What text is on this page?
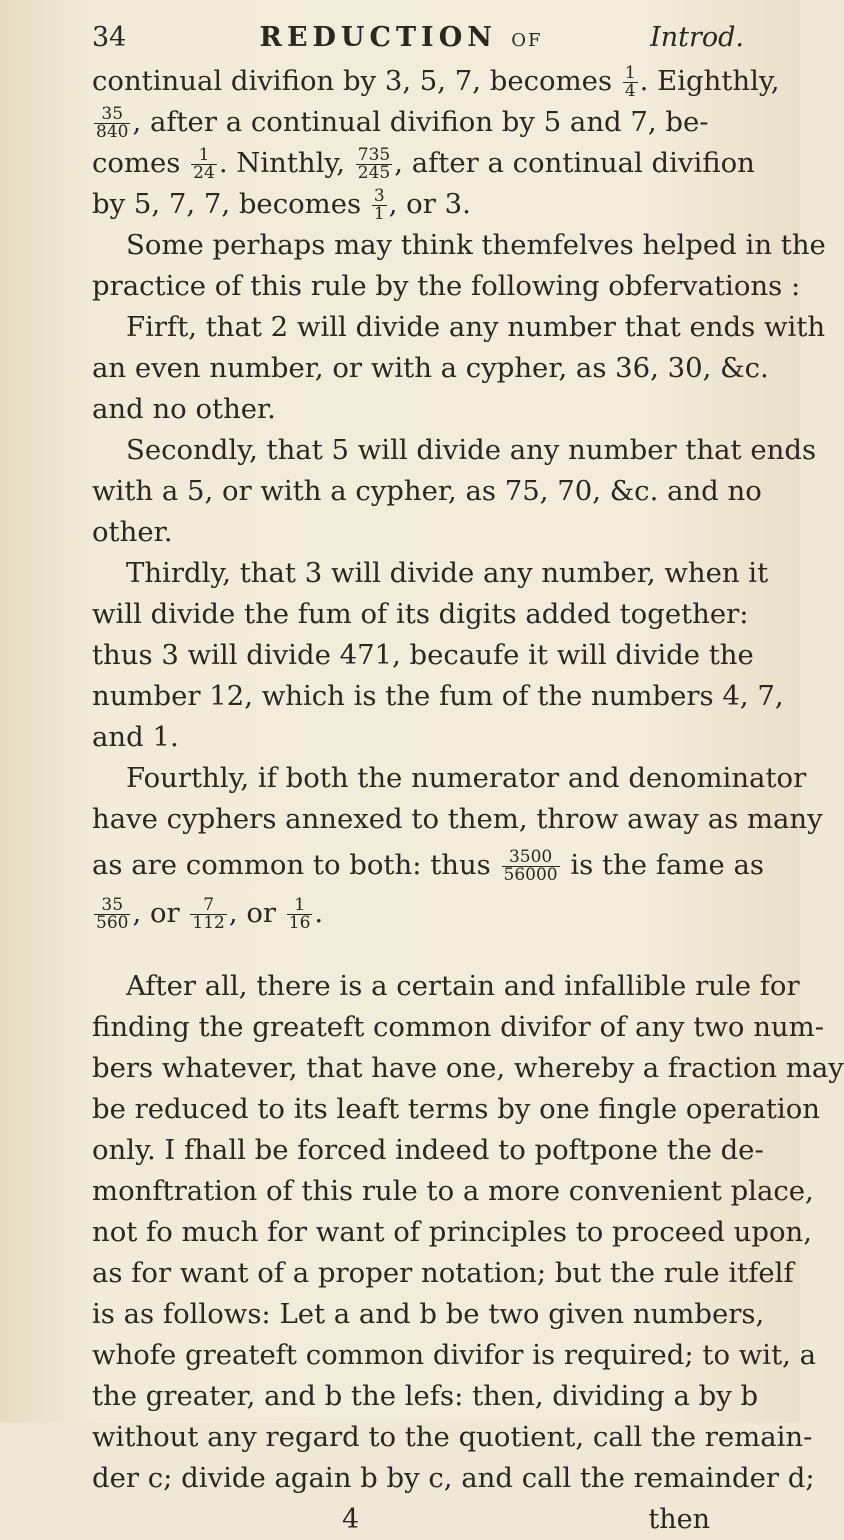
34	REDUCTION OF	Introd.
continual divifion by 3, 5, 7, becomes $\frac{1}{4}$ . Eighthly,
$\frac{35}{840}$ , after a continual divifion by 5 and 7, be-
comes $\frac{1}{24}$ . Ninthly, $\frac{735}{245}$ , after a continual divifion
by 5, 7, 7, becomes $\frac{3}{1}$ , or 3.
Some perhaps may think themfelves helped in the
practice of this rule by the following obfervations :
Firft, that 2 will divide any number that ends with
an even number, or with a cypher, as 36, 30, &c.
and no other.
Secondly, that 5 will divide any number that ends
with a 5, or with a cypher, as 75, 70, &c. and no
other.
Thirdly, that 3 will divide any number, when it
will divide the fum of its digits added together:
thus 3 will divide 471, becaufe it will divide the
number 12, which is the fum of the numbers 4, 7,
and 1.
Fourthly, if both the numerator and denominator
have cyphers annexed to them, throw away as many
as are common to both: thus $\frac{3500}{56000}$ is the fame as
$\frac{35}{560}$ , or $\frac{7}{112}$ , or $\frac{1}{16}$ .
After all, there is a certain and infallible rule for
finding the greateft common divifor of any two num-
bers whatever, that have one, whereby a fraction may
be reduced to its leaft terms by one fingle operation
only. I fhall be forced indeed to poftpone the de-
monftration of this rule to a more convenient place,
not fo much for want of principles to proceed upon,
as for want of a proper notation; but the rule itfelf
is as follows: Let a and b be two given numbers,
whofe greateft common divifor is required; to wit, a
the greater, and b the lefs: then, dividing a by b
without any regard to the quotient, call the remain-
der c; divide again b by c, and call the remainder d;
4	then
